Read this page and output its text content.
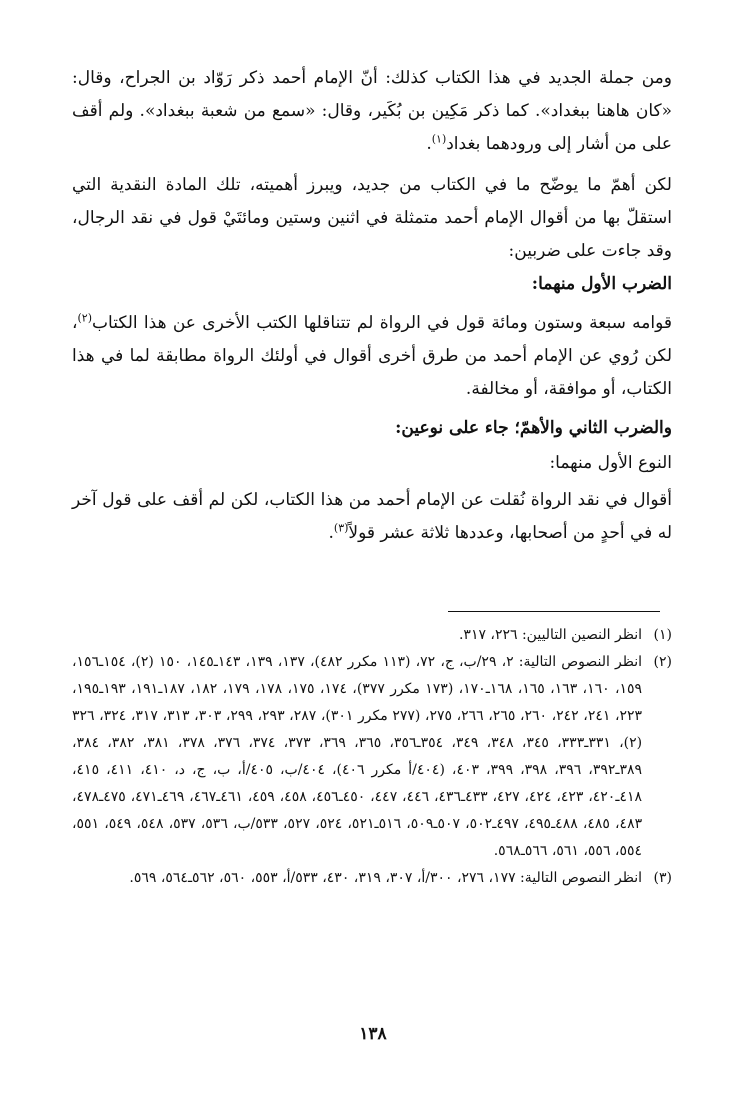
ومن جملة الجديد في هذا الكتاب كذلك: أنّ الإمام أحمد ذكر رَوّاد بن الجراح، وقال: «كان هاهنا ببغداد». كما ذكر مَكِين بن بُكَير، وقال: «سمع من شعبة ببغداد». ولم أقف على من أشار إلى ورودهما بغداد$^{(١)}$.

لكن أهمّ ما يوضّح ما في الكتاب من جديد، ويبرز أهميته، تلك المادة النقدية التي استقلّ بها من أقوال الإمام أحمد متمثلة في اثنين وستين ومائتَيْ قول في نقد الرجال، وقد جاءت على ضربين:

الضرب الأول منهما:

قوامه سبعة وستون ومائة قول في الرواة لم تتناقلها الكتب الأخرى عن هذا الكتاب$^{(٢)}$، لكن رُوي عن الإمام أحمد من طرق أخرى أقوال في أولئك الرواة مطابقة لما في هذا الكتاب، أو موافقة، أو مخالفة.

والضرب الثاني والأهمّ؛ جاء على نوعين:

النوع الأول منهما:

أقوال في نقد الرواة نُقلت عن الإمام أحمد من هذا الكتاب، لكن لم أقف على قول آخر له في أحدٍ من أصحابها، وعددها ثلاثة عشر قولاً$^{(٣)}$.

(١)
انظر النصين التاليين: ٢٢٦، ٣١٧.
(٢)
انظر النصوص التالية: ٢، ٢٩/ب، ج، ٧٢، (١١٣ مكرر ٤٨٢)، ١٣٧، ١٣٩، ١٤٣ـ١٤٥، ١٥٠ (٢)، ١٥٤ـ١٥٦، ١٥٩، ١٦٠، ١٦٣، ١٦٥، ١٦٨ـ١٧٠، (١٧٣ مكرر ٣٧٧)، ١٧٤، ١٧٥، ١٧٨، ١٧٩، ١٨٢، ١٨٧ـ١٩١، ١٩٣ـ١٩٥، ٢٢٣، ٢٤١، ٢٤٢، ٢٦٠، ٢٦٥، ٢٦٦، ٢٧٥، (٢٧٧ مكرر ٣٠١)، ٢٨٧، ٢٩٣، ٢٩٩، ٣٠٣، ٣١٣، ٣١٧، ٣٢٤، ٣٢٦ (٢)، ٣٣١ـ٣٣٣، ٣٤٥، ٣٤٨، ٣٤٩، ٣٥٤ـ٣٥٦، ٣٦٥، ٣٦٩، ٣٧٣، ٣٧٤، ٣٧٦، ٣٧٨، ٣٨١، ٣٨٢، ٣٨٤، ٣٨٩ـ٣٩٢، ٣٩٦، ٣٩٨، ٣٩٩، ٤٠٣، (٤٠٤/أ مكرر ٤٠٦)، ٤٠٤/ب، ٤٠٥/أ، ب، ج، د، ٤١٠، ٤١١، ٤١٥، ٤١٨ـ٤٢٠، ٤٢٣، ٤٢٤، ٤٢٧، ٤٣٣ـ٤٣٦، ٤٤٦، ٤٤٧، ٤٥٠ـ٤٥٦، ٤٥٨، ٤٥٩، ٤٦١ـ٤٦٧، ٤٦٩ـ٤٧١، ٤٧٥ـ٤٧٨، ٤٨٣، ٤٨٥، ٤٨٨ـ٤٩٥، ٤٩٧ـ٥٠٢، ٥٠٧ـ٥٠٩، ٥١٦ـ٥٢١، ٥٢٤، ٥٢٧، ٥٣٣/ب، ٥٣٦، ٥٣٧، ٥٤٨، ٥٤٩، ٥٥١، ٥٥٤، ٥٥٦، ٥٦١، ٥٦٦ـ٥٦٨.
(٣)
انظر النصوص التالية: ١٧٧، ٢٧٦، ٣٠٠/أ، ٣٠٧، ٣١٩، ٤٣٠، ٥٣٣/أ، ٥٥٣، ٥٦٠، ٥٦٢ـ٥٦٤، ٥٦٩.
١٣٨
